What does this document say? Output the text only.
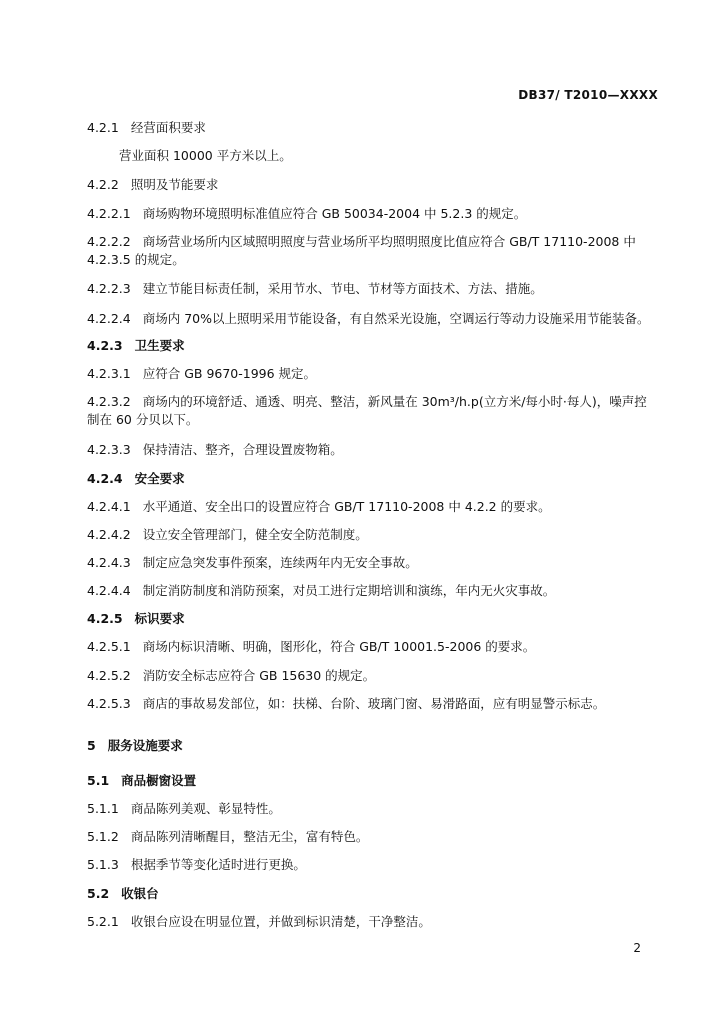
DB37/ T2010—XXXX
4.2.1 经营面积要求
营业面积 10000 平方米以上。
4.2.2 照明及节能要求
4.2.2.1 商场购物环境照明标准值应符合 GB 50034-2004 中 5.2.3 的规定。
4.2.2.2 商场营业场所内区域照明照度与营业场所平均照明照度比值应符合 GB/T 17110-2008 中
4.2.3.5 的规定。
4.2.2.3 建立节能目标责任制，采用节水、节电、节材等方面技术、方法、措施。
4.2.2.4 商场内 70%以上照明采用节能设备，有自然采光设施，空调运行等动力设施采用节能装备。
4.2.3 卫生要求
4.2.3.1 应符合 GB 9670-1996 规定。
4.2.3.2 商场内的环境舒适、通透、明亮、整洁，新风量在 30m³/h.p(立方米/每小时·每人)，噪声控
制在 60 分贝以下。
4.2.3.3 保持清洁、整齐，合理设置废物箱。
4.2.4 安全要求
4.2.4.1 水平通道、安全出口的设置应符合 GB/T 17110-2008 中 4.2.2 的要求。
4.2.4.2 设立安全管理部门，健全安全防范制度。
4.2.4.3 制定应急突发事件预案，连续两年内无安全事故。
4.2.4.4 制定消防制度和消防预案，对员工进行定期培训和演练，年内无火灾事故。
4.2.5 标识要求
4.2.5.1 商场内标识清晰、明确，图形化，符合 GB/T 10001.5-2006 的要求。
4.2.5.2 消防安全标志应符合 GB 15630 的规定。
4.2.5.3 商店的事故易发部位，如：扶梯、台阶、玻璃门窗、易滑路面，应有明显警示标志。
5 服务设施要求
5.1 商品橱窗设置
5.1.1 商品陈列美观、彰显特性。
5.1.2 商品陈列清晰醒目，整洁无尘，富有特色。
5.1.3 根据季节等变化适时进行更换。
5.2 收银台
5.2.1 收银台应设在明显位置，并做到标识清楚，干净整洁。
2
